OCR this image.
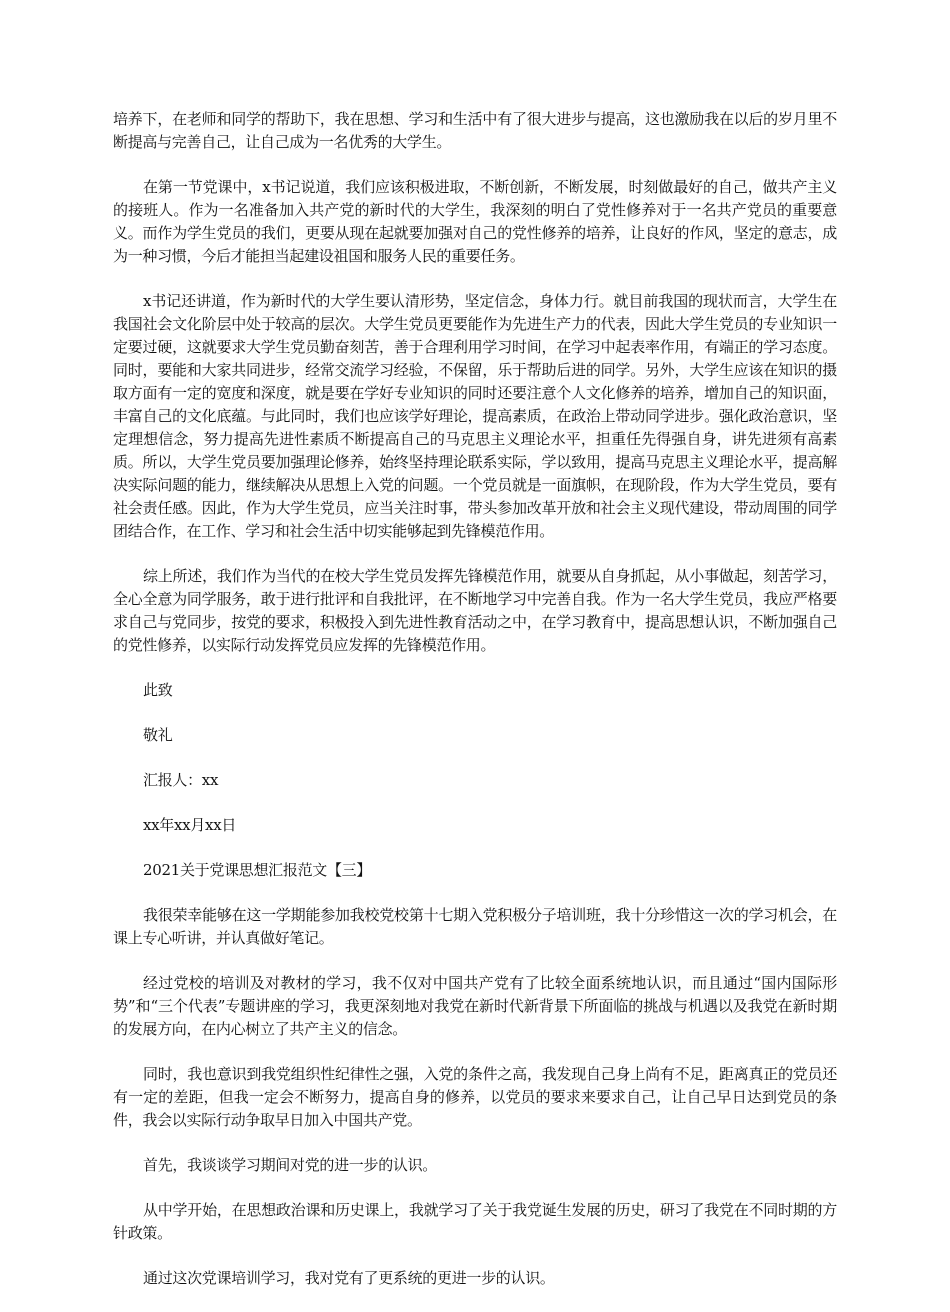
培养下，在老师和同学的帮助下，我在思想、学习和生活中有了很大进步与提高，这也激励我在以后的岁月里不断提高与完善自己，让自己成为一名优秀的大学生。

在第一节党课中，x书记说道，我们应该积极进取，不断创新，不断发展，时刻做最好的自己，做共产主义的接班人。作为一名准备加入共产党的新时代的大学生，我深刻的明白了党性修养对于一名共产党员的重要意义。而作为学生党员的我们，更要从现在起就要加强对自己的党性修养的培养，让良好的作风，坚定的意志，成为一种习惯，今后才能担当起建设祖国和服务人民的重要任务。

x书记还讲道，作为新时代的大学生要认清形势，坚定信念，身体力行。就目前我国的现状而言，大学生在我国社会文化阶层中处于较高的层次。大学生党员更要能作为先进生产力的代表，因此大学生党员的专业知识一定要过硬，这就要求大学生党员勤奋刻苦，善于合理利用学习时间，在学习中起表率作用，有端正的学习态度。同时，要能和大家共同进步，经常交流学习经验，不保留，乐于帮助后进的同学。另外，大学生应该在知识的摄取方面有一定的宽度和深度，就是要在学好专业知识的同时还要注意个人文化修养的培养，增加自己的知识面，丰富自己的文化底蕴。与此同时，我们也应该学好理论，提高素质，在政治上带动同学进步。强化政治意识，坚定理想信念，努力提高先进性素质不断提高自己的马克思主义理论水平，担重任先得强自身，讲先进须有高素质。所以，大学生党员要加强理论修养，始终坚持理论联系实际，学以致用，提高马克思主义理论水平，提高解决实际问题的能力，继续解决从思想上入党的问题。一个党员就是一面旗帜，在现阶段，作为大学生党员，要有社会责任感。因此，作为大学生党员，应当关注时事，带头参加改革开放和社会主义现代建设，带动周围的同学团结合作，在工作、学习和社会生活中切实能够起到先锋模范作用。

综上所述，我们作为当代的在校大学生党员发挥先锋模范作用，就要从自身抓起，从小事做起，刻苦学习，全心全意为同学服务，敢于进行批评和自我批评，在不断地学习中完善自我。作为一名大学生党员，我应严格要求自己与党同步，按党的要求，积极投入到先进性教育活动之中，在学习教育中，提高思想认识，不断加强自己的党性修养，以实际行动发挥党员应发挥的先锋模范作用。

此致

敬礼

汇报人：xx

xx年xx月xx日

2021关于党课思想汇报范文【三】

我很荣幸能够在这一学期能参加我校党校第十七期入党积极分子培训班，我十分珍惜这一次的学习机会，在课上专心听讲，并认真做好笔记。

经过党校的培训及对教材的学习，我不仅对中国共产党有了比较全面系统地认识，而且通过“国内国际形势”和“三个代表”专题讲座的学习，我更深刻地对我党在新时代新背景下所面临的挑战与机遇以及我党在新时期的发展方向，在内心树立了共产主义的信念。

同时，我也意识到我党组织性纪律性之强，入党的条件之高，我发现自己身上尚有不足，距离真正的党员还有一定的差距，但我一定会不断努力，提高自身的修养，以党员的要求来要求自己，让自己早日达到党员的条件，我会以实际行动争取早日加入中国共产党。

首先，我谈谈学习期间对党的进一步的认识。

从中学开始，在思想政治课和历史课上，我就学习了关于我党诞生发展的历史，研习了我党在不同时期的方针政策。

通过这次党课培训学习，我对党有了更系统的更进一步的认识。
